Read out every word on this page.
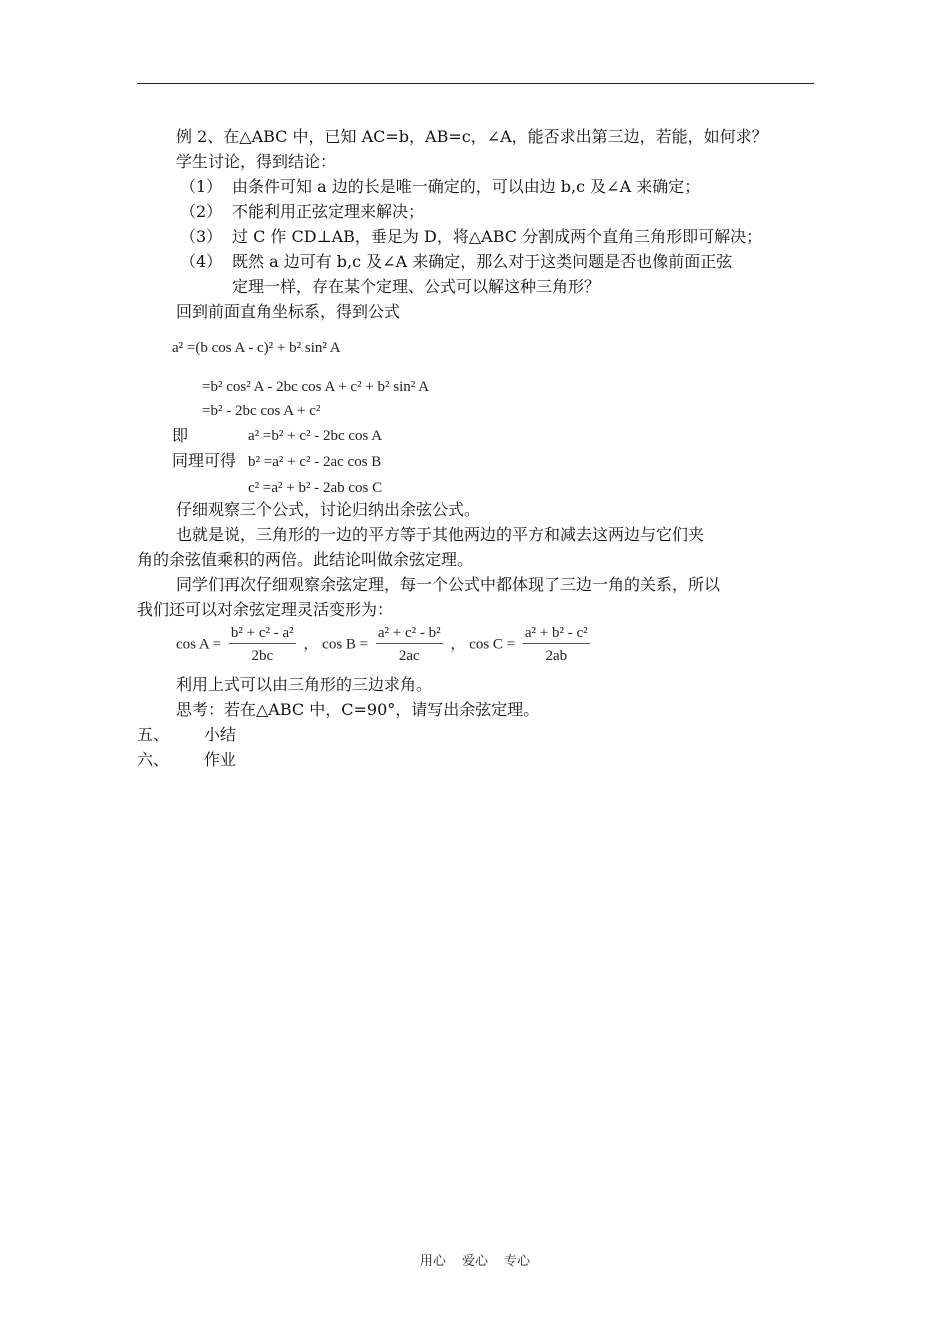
例 2、在△ABC 中，已知 AC=b，AB=c，∠A，能否求出第三边，若能，如何求？
学生讨论，得到结论：
（1） 由条件可知 a 边的长是唯一确定的，可以由边 b,c 及∠A 来确定；
（2） 不能利用正弦定理来解决；
（3） 过 C 作 CD⊥AB，垂足为 D，将△ABC 分割成两个直角三角形即可解决；
（4） 既然 a 边可有 b,c 及∠A 来确定，那么对于这类问题是否也像前面正弦
定理一样，存在某个定理、公式可以解这种三角形？
回到前面直角坐标系，得到公式
a² =(b cos A - c)² + b² sin² A
=b² cos² A - 2bc cos A + c² + b² sin² A
=b² - 2bc cos A + c²
即	a² =b² + c² - 2bc cos A
同理可得 b² =a² + c² - 2ac cos B
c² =a² + b² - 2ab cos C
仔细观察三个公式，讨论归纳出余弦公式。
也就是说，三角形的一边的平方等于其他两边的平方和减去这两边与它们夹
角的余弦值乘积的两倍。此结论叫做余弦定理。
同学们再次仔细观察余弦定理，每一个公式中都体现了三边一角的关系，所以
我们还可以对余弦定理灵活变形为：
$\cos A = \frac{\text{b² + c² - a²}}{2bc}$ ， $\cos B = \frac{\text{a² + c² - b²}}{2ac}$ ， $\cos C = \frac{\text{a² + b² - c²}}{2ab}$
利用上式可以由三角形的三边求角。
思考：若在△ABC 中，C=90°，请写出余弦定理。
五、 小结
六、 作业
用心 爱心 专心
